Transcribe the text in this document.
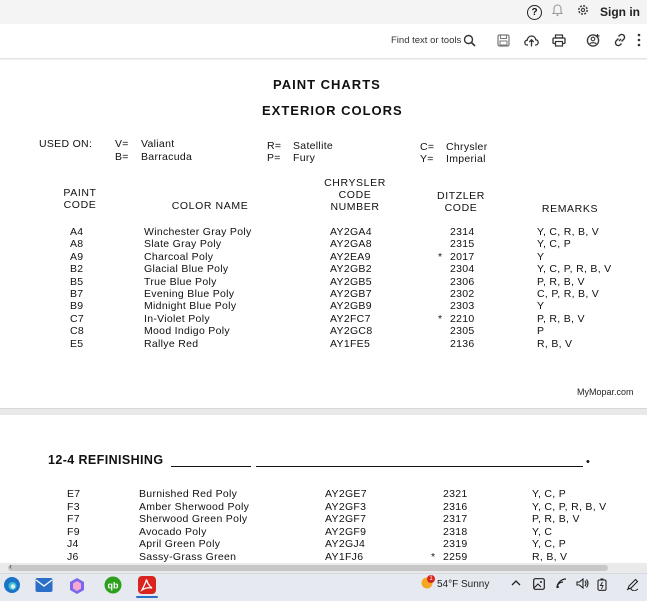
?	Sign in
Find text or tools
PAINT CHARTS
EXTERIOR COLORS
USED ON: V= Valiant
B= Barracuda
R= Satellite
P= Fury
C= Chrysler
Y= Imperial
PAINT
CODE	COLOR NAME
CHRYSLER
CODE
NUMBER
DITZLER
CODE	REMARKS
A4	Winchester Gray Poly	AY2GA4	2314	Y, C, R, B, V
A8	Slate Gray Poly	AY2GA8	2315	Y, C, P
A9	Charcoal Poly	AY2EA9	* 2017	Y
B2	Glacial Blue Poly	AY2GB2	2304	Y, C, P, R, B, V
B5	True Blue Poly	AY2GB5	2306	P, R, B, V
B7	Evening Blue Poly	AY2GB7	2302	C, P, R, B, V
B9	Midnight Blue Poly	AY2GB9	2303	Y
C7	In-Violet Poly	AY2FC7	* 2210	P, R, B, V
C8	Mood Indigo Poly	AY2GC8	2305	P
E5	Rallye Red	AY1FE5	2136	R, B, V
MyMopar.com
12-4 REFINISHING	•
E7	Burnished Red Poly	AY2GE7	2321	Y, C, P
F3	Amber Sherwood Poly	AY2GF3	2316	Y, C, P, R, B, V
F7	Sherwood Green Poly	AY2GF7	2317	P, R, B, V
F9	Avocado Poly	AY2GF9	2318	Y, C
J4	April Green Poly	AY2GJ4	2319	Y, C, P
J6	Sassy-Grass Green	AY1FJ6	* 2259	R, B, V
‹
qb
1 54°F Sunny
